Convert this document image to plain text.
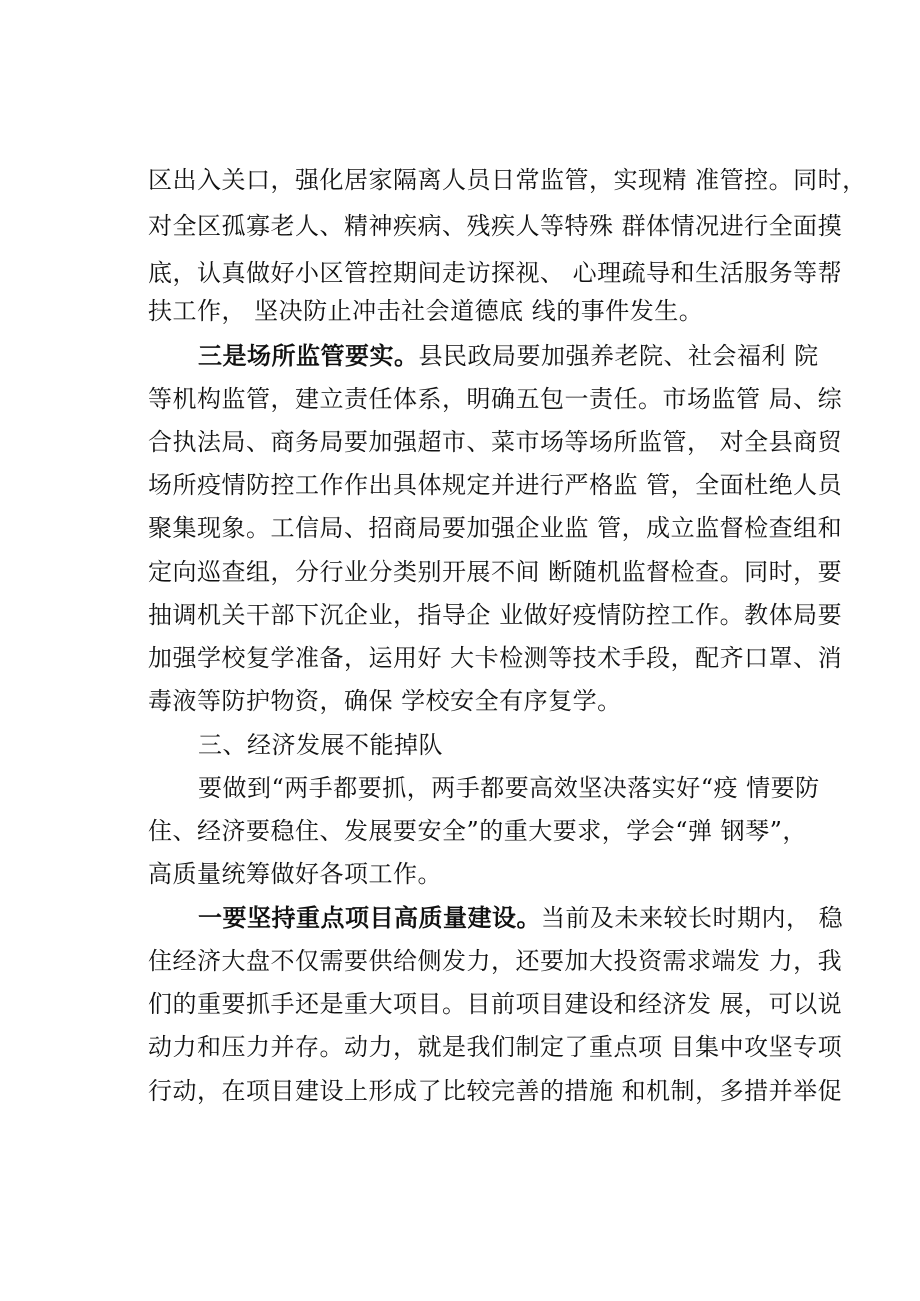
区出入关口，强化居家隔离人员日常监管，实现精 准管控。同时，
对全区孤寡老人、精神疾病、残疾人等特殊 群体情况进行全面摸
底，认真做好小区管控期间走访探视、 心理疏导和生活服务等帮
扶工作， 坚决防止冲击社会道德底 线的事件发生。
三是场所监管要实。县民政局要加强养老院、社会福利 院
等机构监管，建立责任体系，明确五包一责任。市场监管 局、综
合执法局、商务局要加强超市、菜市场等场所监管， 对全县商贸
场所疫情防控工作作出具体规定并进行严格监 管，全面杜绝人员
聚集现象。工信局、招商局要加强企业监 管，成立监督检查组和
定向巡查组，分行业分类别开展不间 断随机监督检查。同时，要
抽调机关干部下沉企业，指导企 业做好疫情防控工作。教体局要
加强学校复学准备，运用好 大卡检测等技术手段，配齐口罩、消
毒液等防护物资，确保 学校安全有序复学。
三、经济发展不能掉队
要做到“两手都要抓，两手都要高效坚决落实好“疫 情要防
住、经济要稳住、发展要安全”的重大要求，学会“弹 钢琴”，
高质量统筹做好各项工作。
一要坚持重点项目高质量建设。当前及未来较长时期内， 稳
住经济大盘不仅需要供给侧发力，还要加大投资需求端发 力，我
们的重要抓手还是重大项目。目前项目建设和经济发 展，可以说
动力和压力并存。动力，就是我们制定了重点项 目集中攻坚专项
行动，在项目建设上形成了比较完善的措施 和机制，多措并举促
